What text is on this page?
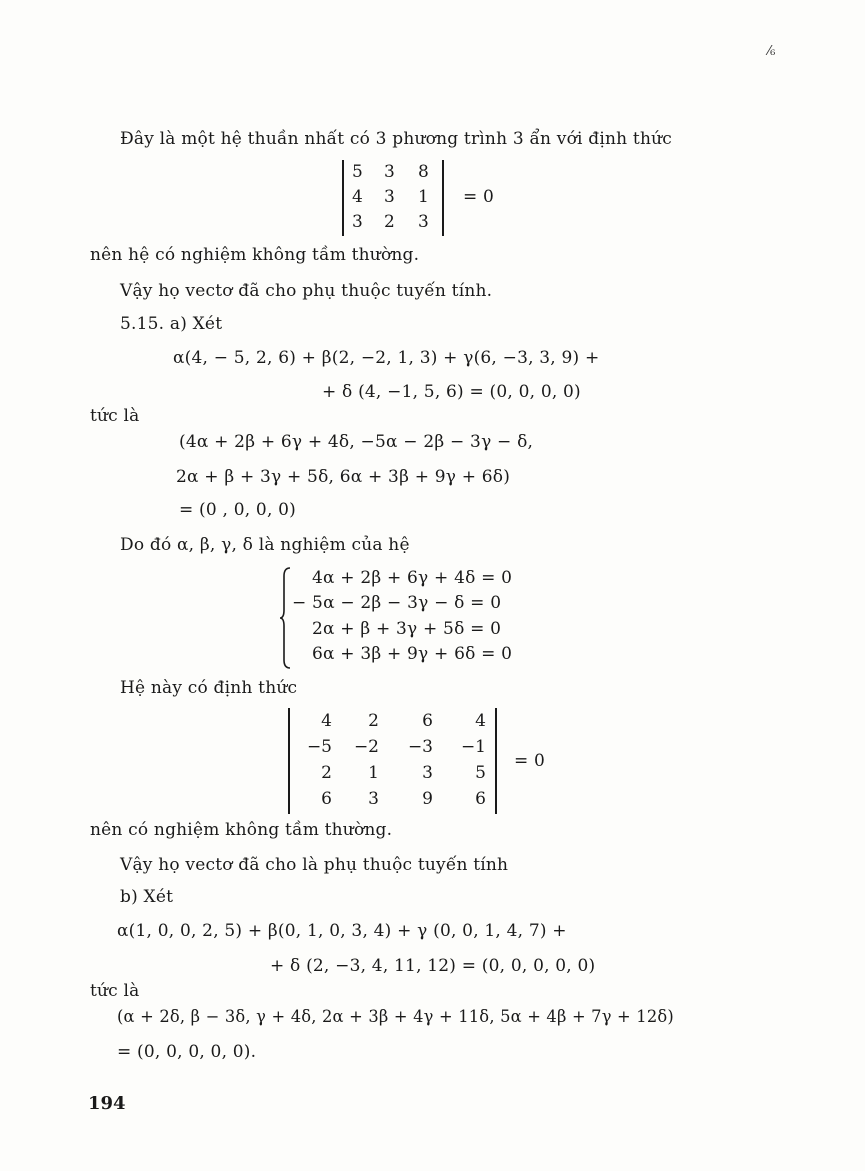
⁄₆
Đây là một hệ thuần nhất có 3 phương trình 3 ẩn với định thức
5 3 8
4 3 1
3 2 3
= 0
nên hệ có nghiệm không tầm thường.
Vậy họ vectơ đã cho phụ thuộc tuyến tính.
5.15. a) Xét
α(4, − 5, 2, 6) + β(2, −2, 1, 3) + γ(6, −3, 3, 9) +
+ δ (4, −1, 5, 6) = (0, 0, 0, 0)
tức là
(4α + 2β + 6γ + 4δ, −5α − 2β − 3γ − δ,
2α + β + 3γ + 5δ, 6α + 3β + 9γ + 6δ)
= (0 , 0, 0, 0)
Do đó α, β, γ, δ là nghiệm của hệ
4α + 2β + 6γ + 4δ = 0
− 5α − 2β − 3γ − δ = 0
2α + β + 3γ + 5δ = 0
6α + 3β + 9γ + 6δ = 0
Hệ này có định thức
4 2	6 4
−5 −2 −3 −1
2 1	3 5
6 3	9 6
= 0
nên có nghiệm không tầm thường.
Vậy họ vectơ đã cho là phụ thuộc tuyến tính
b) Xét
α(1, 0, 0, 2, 5) + β(0, 1, 0, 3, 4) + γ (0, 0, 1, 4, 7) +
+ δ (2, −3, 4, 11, 12) = (0, 0, 0, 0, 0)
tức là
(α + 2δ, β − 3δ, γ + 4δ, 2α + 3β + 4γ + 11δ, 5α + 4β + 7γ + 12δ)
= (0, 0, 0, 0, 0).
194
